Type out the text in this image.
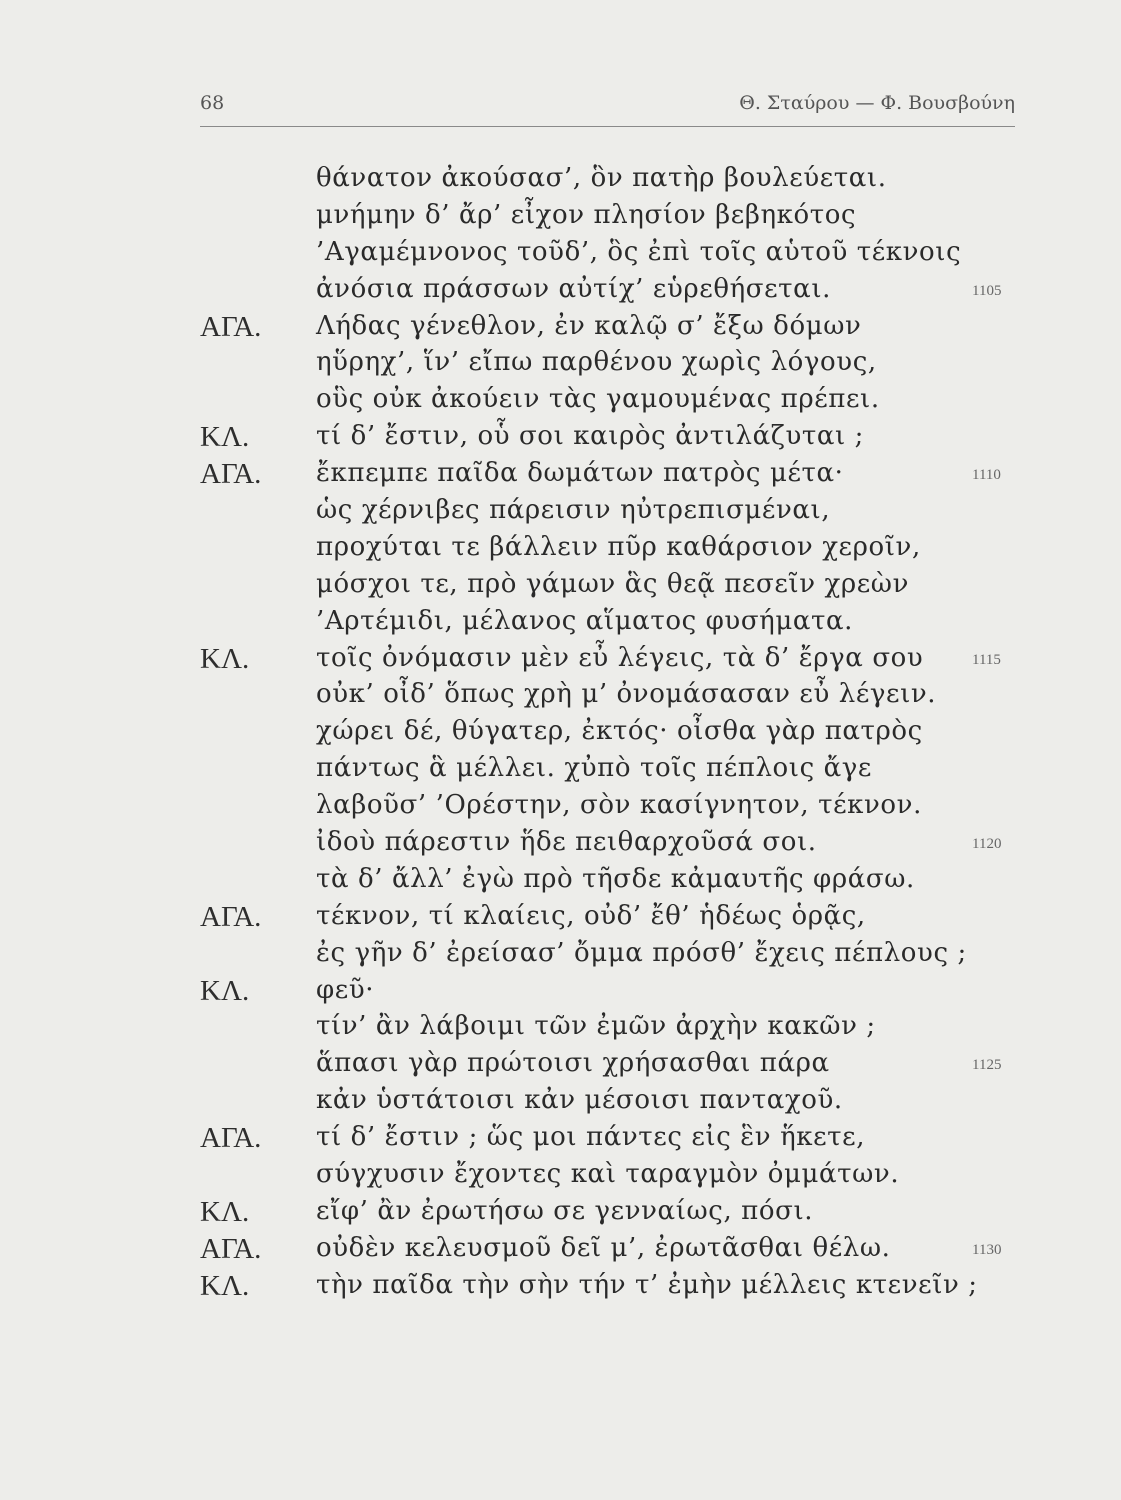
68	Θ. Σταύρου — Φ. Βουσβούνη
θάνατον ἀκούσασ’, ὃν πατὴρ βουλεύεται.
μνήμην δ’ ἄρ’ εἶχον πλησίον βεβηκότος
’Αγαμέμνονος τοῦδ’, ὃς ἐπὶ τοῖς αὑτοῦ τέκνοις
ἀνόσια πράσσων αὐτίχ’ εὑρεθήσεται.	1105
ΑΓΑ. Λήδας γένεθλον, ἐν καλῷ σ’ ἔξω δόμων
ηὕρηχ’, ἵν’ εἴπω παρθένου χωρὶς λόγους,
οὓς οὐκ ἀκούειν τὰς γαμουμένας πρέπει.
ΚΛ.	τί δ’ ἔστιν, οὗ σοι καιρὸς ἀντιλάζυται ;
ΑΓΑ. ἔκπεμπε παῖδα δωμάτων πατρὸς μέτα·	1110
ὡς χέρνιβες πάρεισιν ηὐτρεπισμέναι,
προχύται τε βάλλειν πῦρ καθάρσιον χεροῖν,
μόσχοι τε, πρὸ γάμων ἃς θεᾷ πεσεῖν χρεὼν
’Αρτέμιδι, μέλανος αἵματος φυσήματα.
ΚΛ.	τοῖς ὀνόμασιν μὲν εὖ λέγεις, τὰ δ’ ἔργα σου	1115
οὐκ’ οἶδ’ ὅπως χρὴ μ’ ὀνομάσασαν εὖ λέγειν.
χώρει δέ, θύγατερ, ἐκτός· οἶσθα γὰρ πατρὸς
πάντως ἃ μέλλει. χὐπὸ τοῖς πέπλοις ἄγε
λαβοῦσ’ ’Ορέστην, σὸν κασίγνητον, τέκνον.
ἰδοὺ πάρεστιν ἥδε πειθαρχοῦσά σοι.	1120
τὰ δ’ ἄλλ’ ἐγὼ πρὸ τῆσδε κἀμαυτῆς φράσω.
ΑΓΑ. τέκνον, τί κλαίεις, οὐδ’ ἔθ’ ἡδέως ὁρᾷς,
ἐς γῆν δ’ ἐρείσασ’ ὄμμα πρόσθ’ ἔχεις πέπλους ;
ΚΛ.	φεῦ·
τίν’ ἂν λάβοιμι τῶν ἐμῶν ἀρχὴν κακῶν ;
ἅπασι γὰρ πρώτοισι χρήσασθαι πάρα	1125
κἀν ὑστάτοισι κἀν μέσοισι πανταχοῦ.
ΑΓΑ. τί δ’ ἔστιν ; ὥς μοι πάντες εἰς ἓν ἥκετε,
σύγχυσιν ἔχοντες καὶ ταραγμὸν ὀμμάτων.
ΚΛ.	εἴφ’ ἂν ἐρωτήσω σε γενναίως, πόσι.
ΑΓΑ. οὐδὲν κελευσμοῦ δεῖ μ’, ἐρωτᾶσθαι θέλω.	1130
ΚΛ.	τὴν παῖδα τὴν σὴν τήν τ’ ἐμὴν μέλλεις κτενεῖν ;
